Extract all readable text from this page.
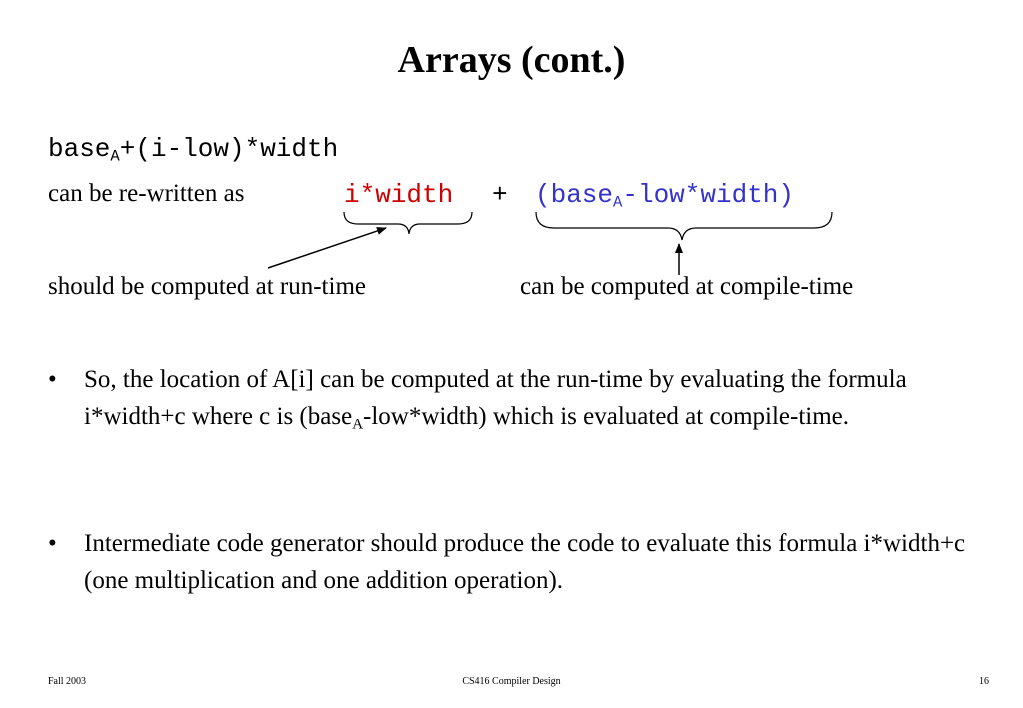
Arrays (cont.)
base$_A$+(i-low)*width
can be re-written as	i*width + (base$_A$-low*width)
should be computed at run-time	can be computed at compile-time
• So, the location of A[i] can be computed at the run-time by evaluating the formula i*width+c where c is (base$_A$-low*width) which is evaluated at compile-time.
• Intermediate code generator should produce the code to evaluate this formula i*width+c (one multiplication and one addition operation).
Fall 2003	CS416 Compiler Design	16
